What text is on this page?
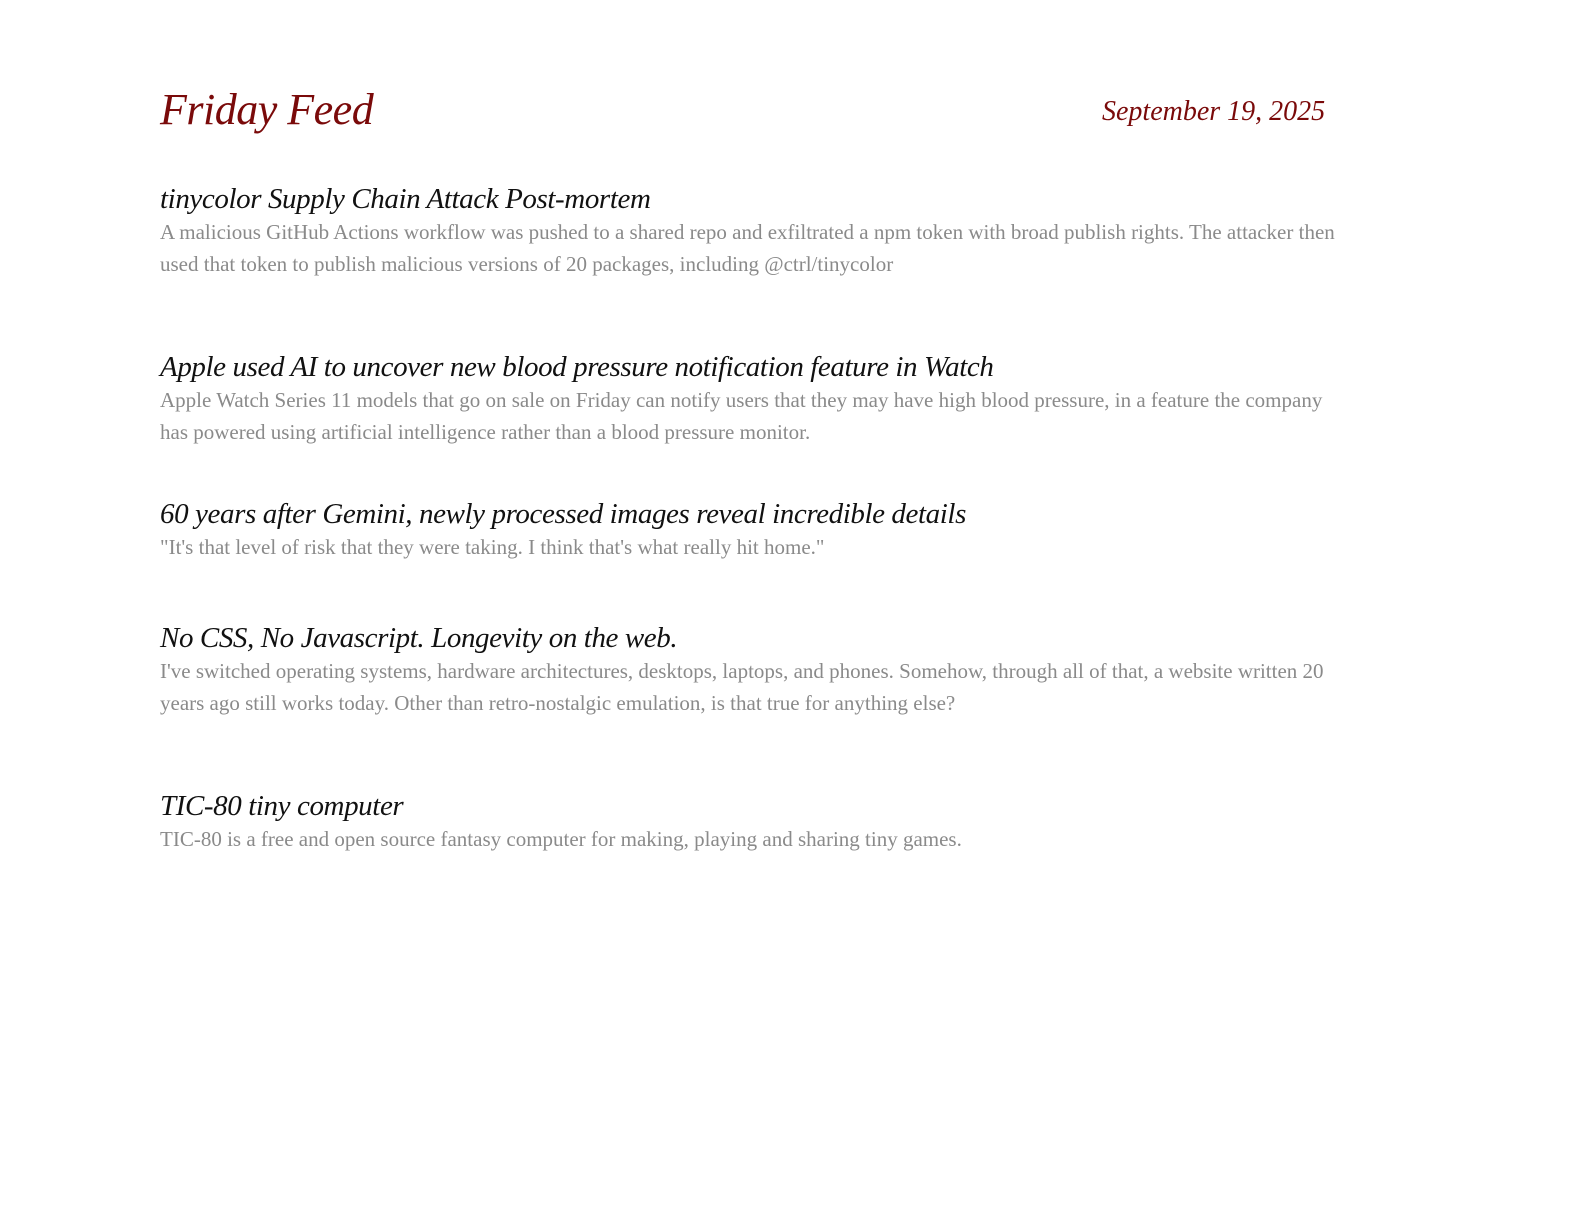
Friday Feed	September 19, 2025
tinycolor Supply Chain Attack Post-mortem

A malicious GitHub Actions workflow was pushed to a shared repo and exfiltrated a npm token with broad publish rights. The attacker then used that token to publish malicious versions of 20 packages, including @ctrl/tinycolor

Apple used AI to uncover new blood pressure notification feature in Watch

Apple Watch Series 11 models that go on sale on Friday can notify users that they may have high blood pressure, in a feature the company has powered using artificial intelligence rather than a blood pressure monitor.

60 years after Gemini, newly processed images reveal incredible details

"It's that level of risk that they were taking. I think that's what really hit home."

No CSS, No Javascript. Longevity on the web.

I've switched operating systems, hardware architectures, desktops, laptops, and phones. Somehow, through all of that, a website written 20 years ago still works today. Other than retro-nostalgic emulation, is that true for anything else?

TIC-80 tiny computer

TIC-80 is a free and open source fantasy computer for making, playing and sharing tiny games.
